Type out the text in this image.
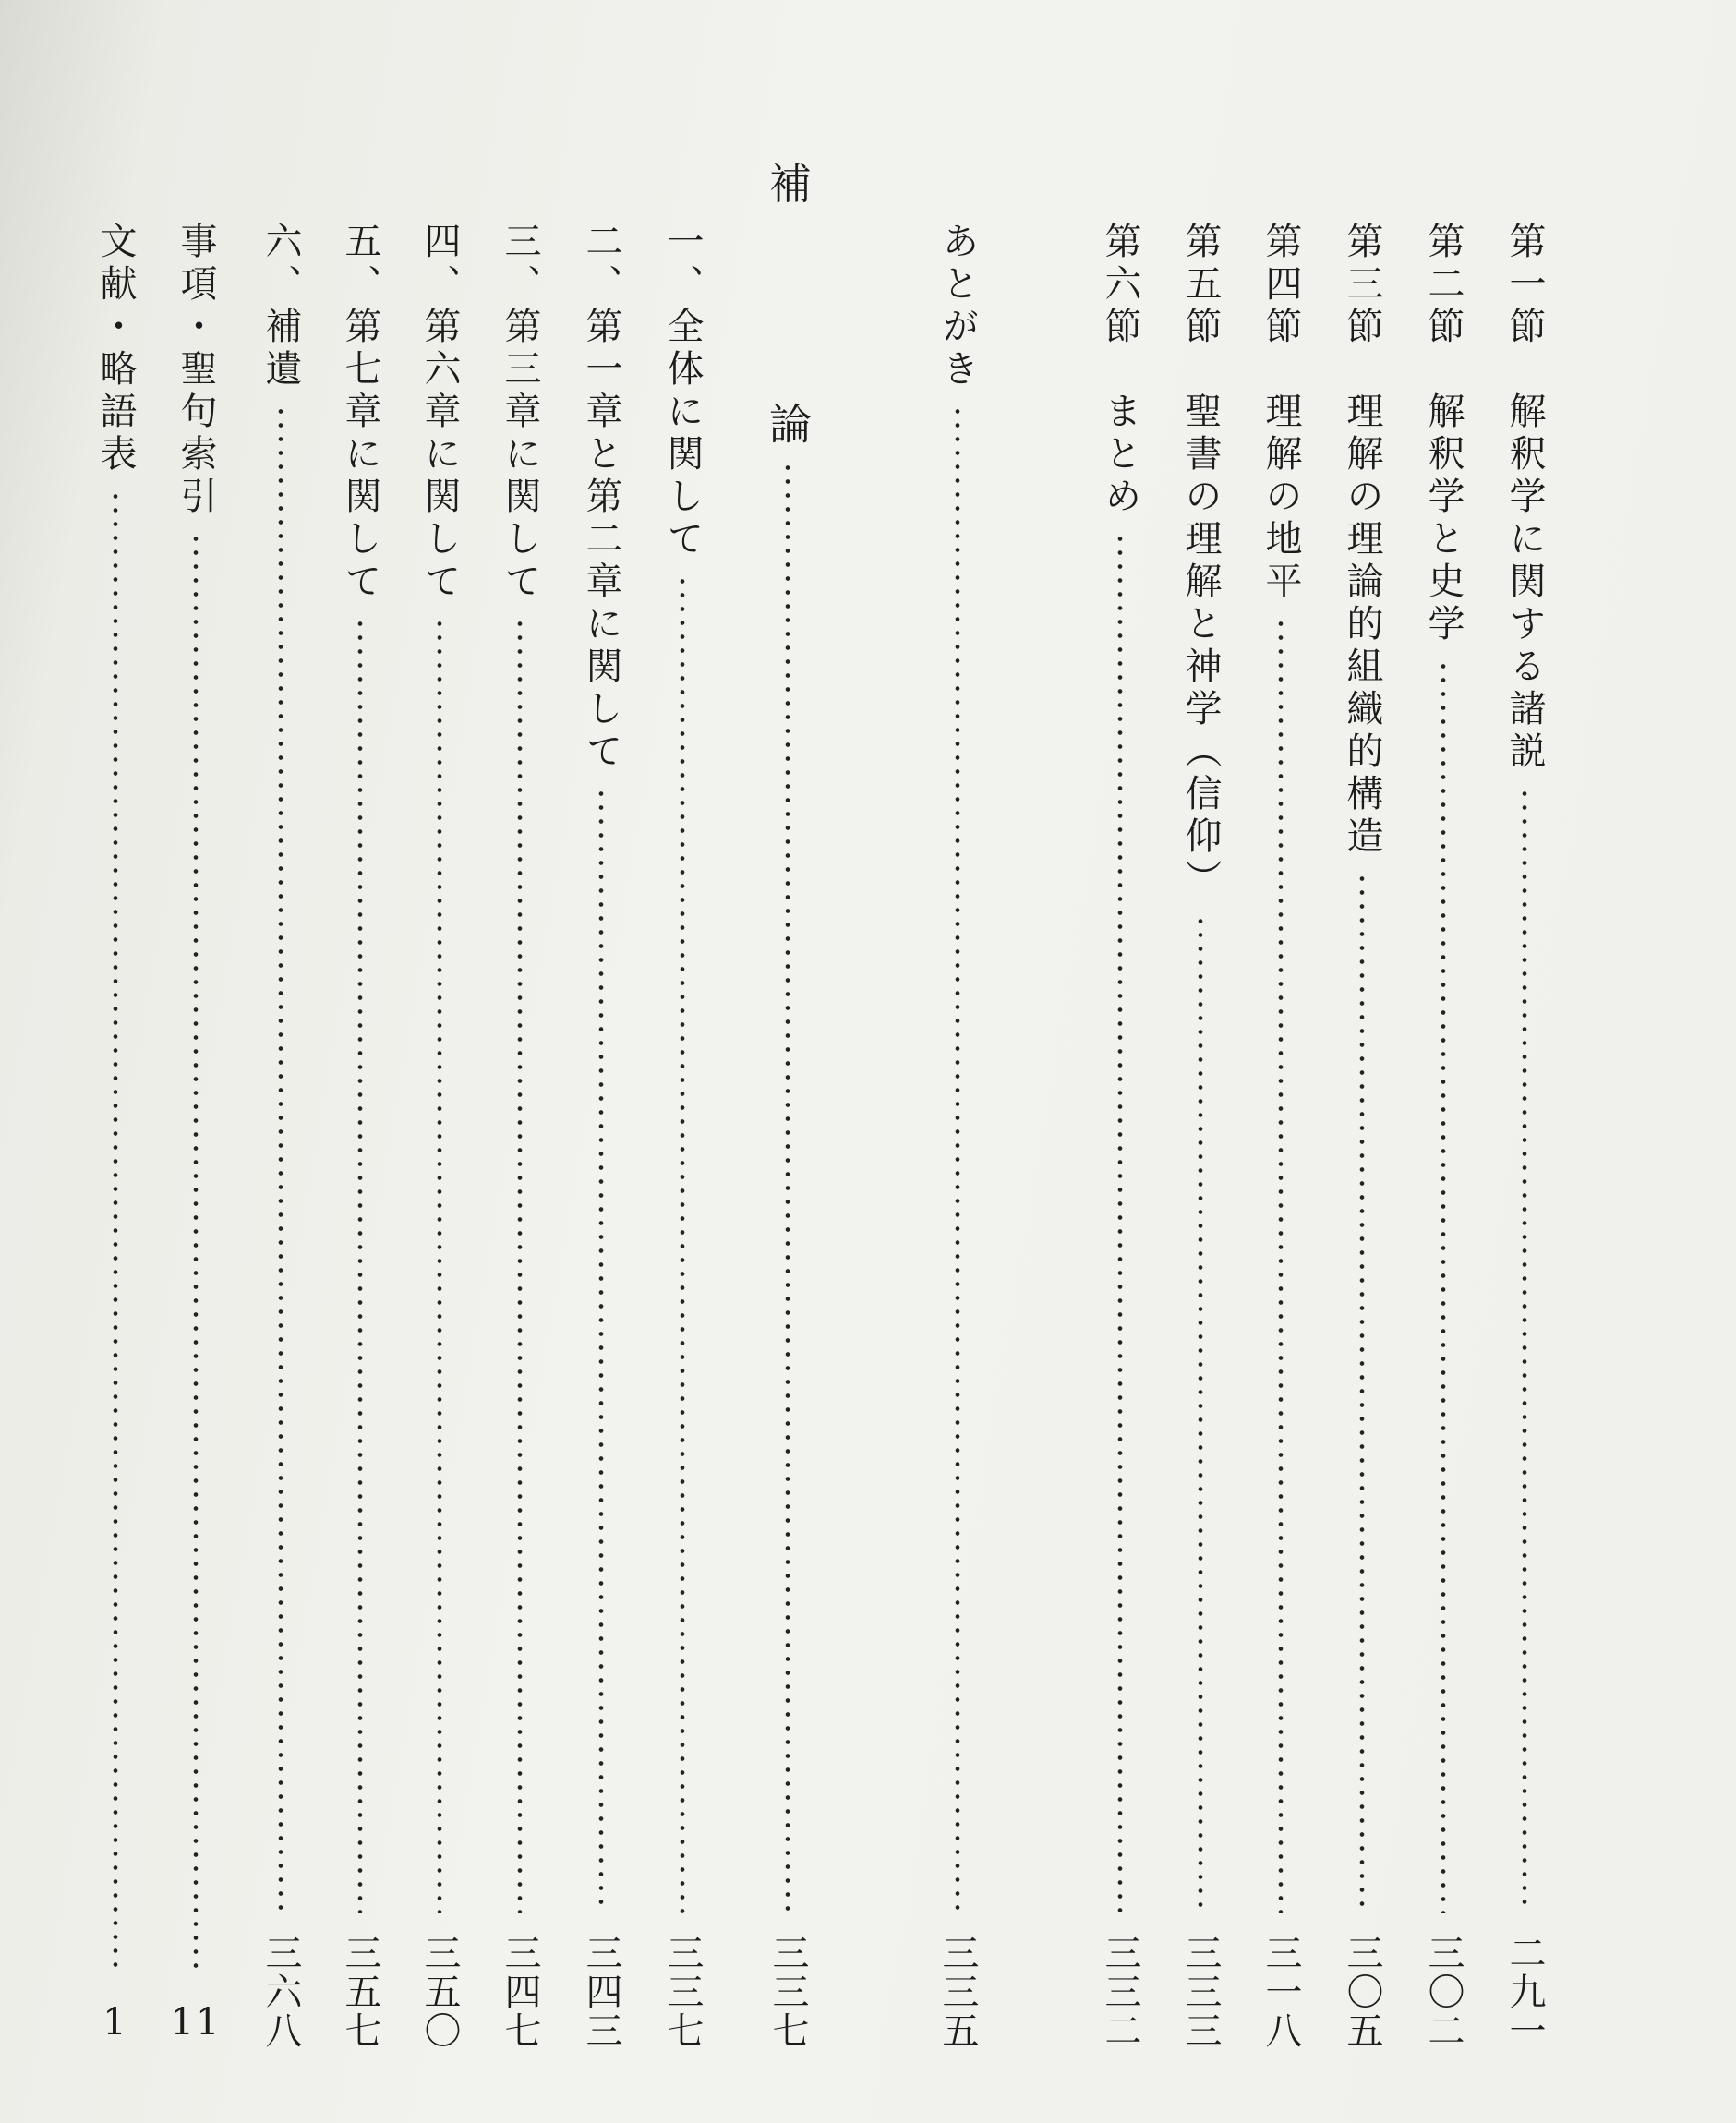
第一節　解釈学に関する諸説
二九一
第二節　解釈学と史学
三〇二
第三節　理解の理論的組織的構造
三〇五
第四節　理解の地平
三一八
第五節　聖書の理解と神学（信仰）
三三三
第六節　まとめ
三三二
あとがき
三三五
補
論
三三七
一、全体に関して
三三七
二、第一章と第二章に関して
三四三
三、第三章に関して
三四七
四、第六章に関して
三五〇
五、第七章に関して
三五七
六、補遺
三六八
事項・聖句索引
11
文献・略語表
1
